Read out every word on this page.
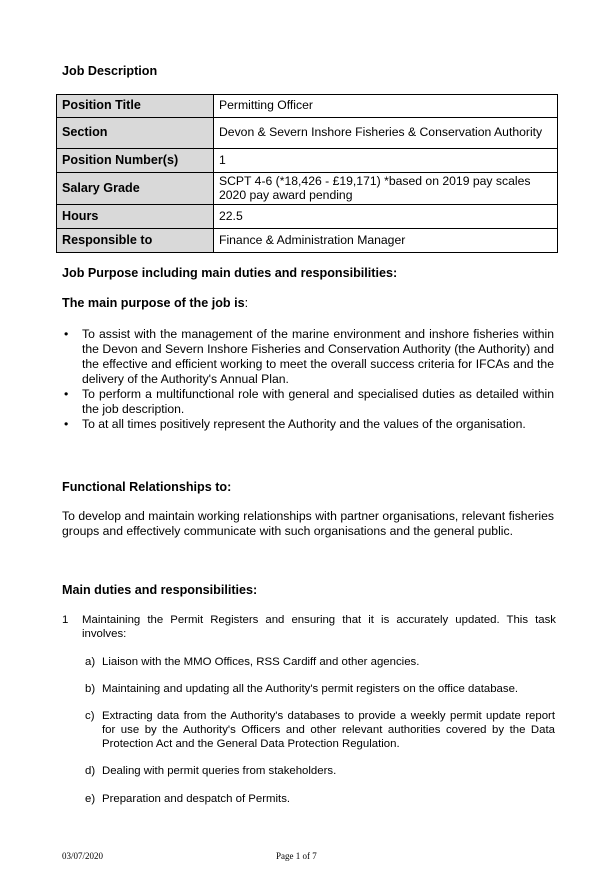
Job Description
Position Title	Permitting Officer
Section	Devon & Severn Inshore Fisheries & Conservation Authority
Position Number(s)	1
Salary Grade	SCPT 4-6 (*18,426 - £19,171) *based on 2019 pay scales 2020 pay award pending
Hours	22.5
Responsible to	Finance & Administration Manager
Job Purpose including main duties and responsibilities:
The main purpose of the job is:
• To assist with the management of the marine environment and inshore fisheries within the Devon and Severn Inshore Fisheries and Conservation Authority (the Authority) and the effective and efficient working to meet the overall success criteria for IFCAs and the delivery of the Authority's Annual Plan.
• To perform a multifunctional role with general and specialised duties as detailed within the job description.
• To at all times positively represent the Authority and the values of the organisation.
Functional Relationships to:
To develop and maintain working relationships with partner organisations, relevant fisheries groups and effectively communicate with such organisations and the general public.
Main duties and responsibilities:
1	Maintaining the Permit Registers and ensuring that it is accurately updated. This task involves:
a) Liaison with the MMO Offices, RSS Cardiff and other agencies.
b) Maintaining and updating all the Authority's permit registers on the office database.
c) Extracting data from the Authority's databases to provide a weekly permit update report for use by the Authority's Officers and other relevant authorities covered by the Data Protection Act and the General Data Protection Regulation.
d) Dealing with permit queries from stakeholders.
e) Preparation and despatch of Permits.
03/07/2020	Page 1 of 7
